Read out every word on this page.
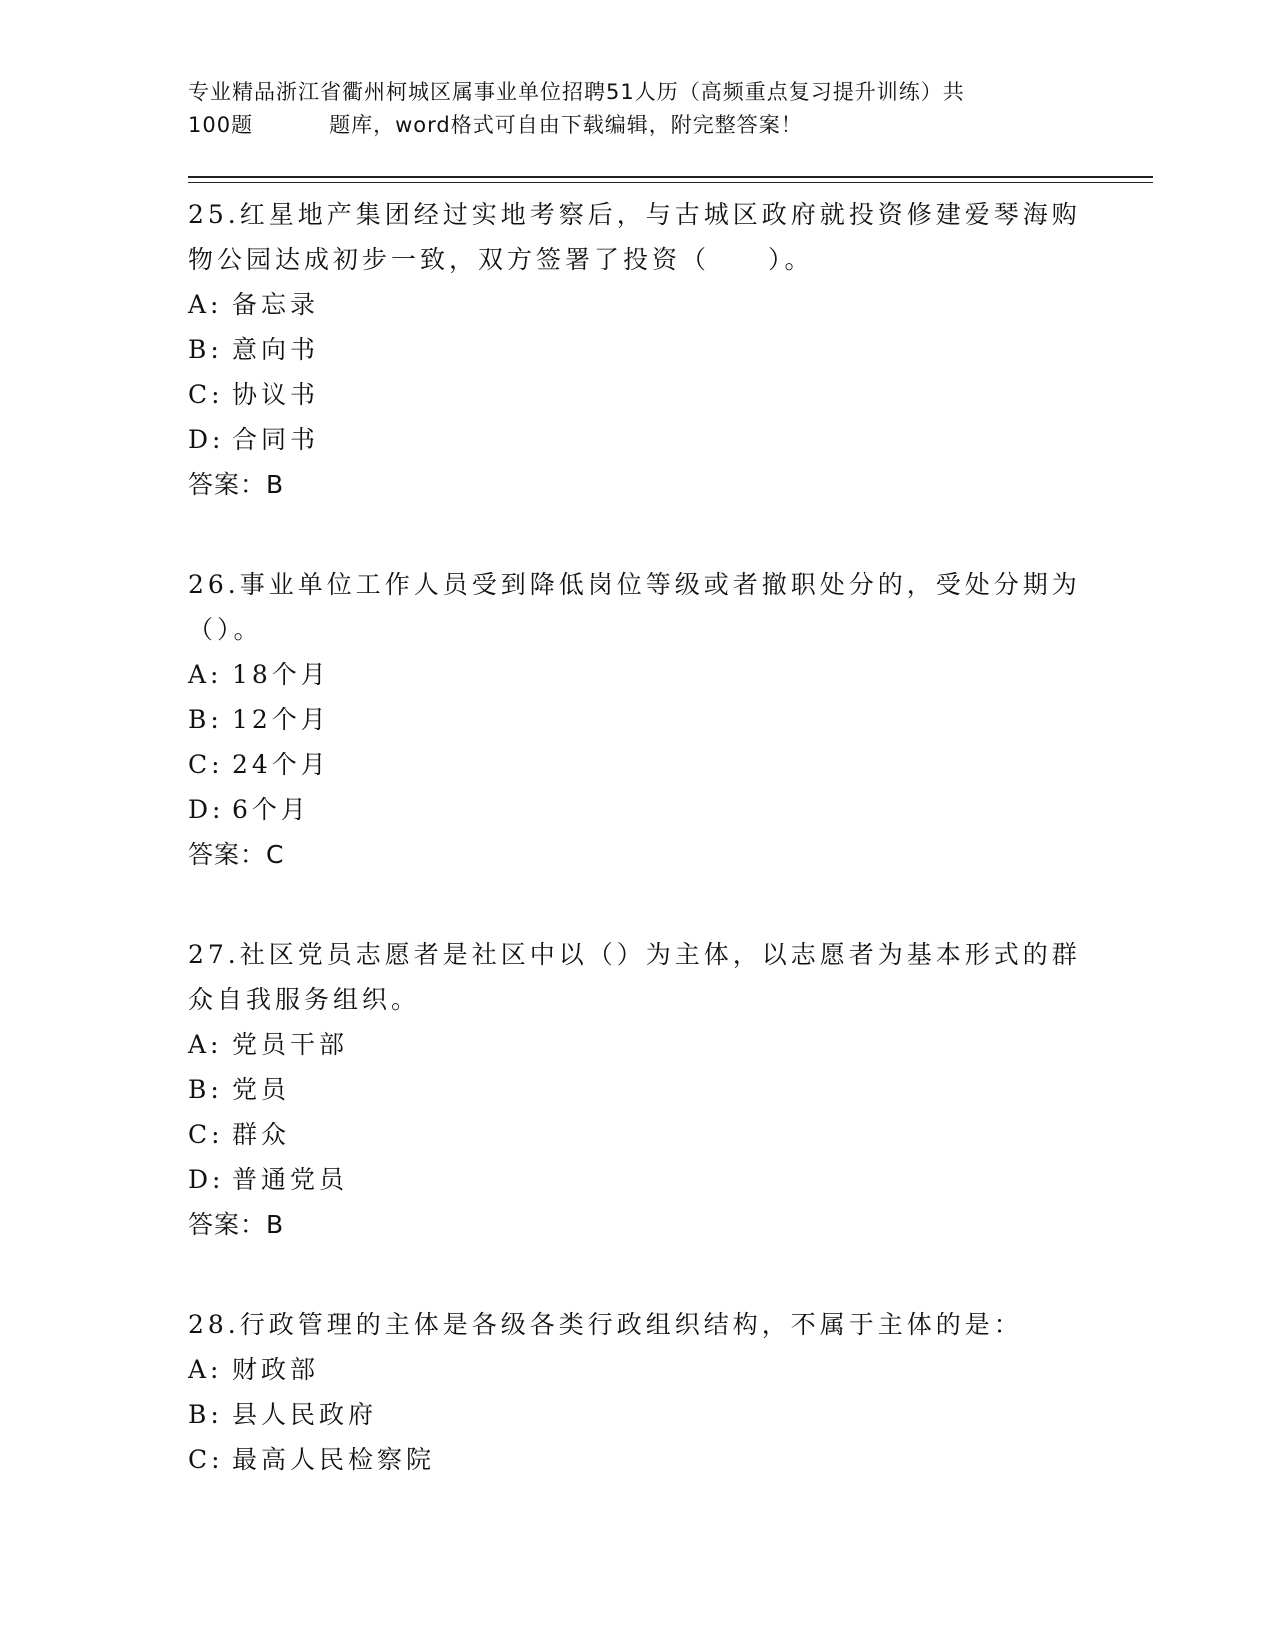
专业精品浙江省衢州柯城区属事业单位招聘51人历（高频重点复习提升训练）共
100题	题库，word格式可自由下载编辑，附完整答案！
25.红星地产集团经过实地考察后，与古城区政府就投资修建爱琴海购
物公园达成初步一致，双方签署了投资（　　）。
A: 备忘录
B: 意向书
C: 协议书
D: 合同书
答案：B
26.事业单位工作人员受到降低岗位等级或者撤职处分的，受处分期为
（）。
A: 18个月
B: 12个月
C: 24个月
D: 6个月
答案：C
27.社区党员志愿者是社区中以（）为主体，以志愿者为基本形式的群
众自我服务组织。
A: 党员干部
B: 党员
C: 群众
D: 普通党员
答案：B
28.行政管理的主体是各级各类行政组织结构，不属于主体的是：
A: 财政部
B: 县人民政府
C: 最高人民检察院
